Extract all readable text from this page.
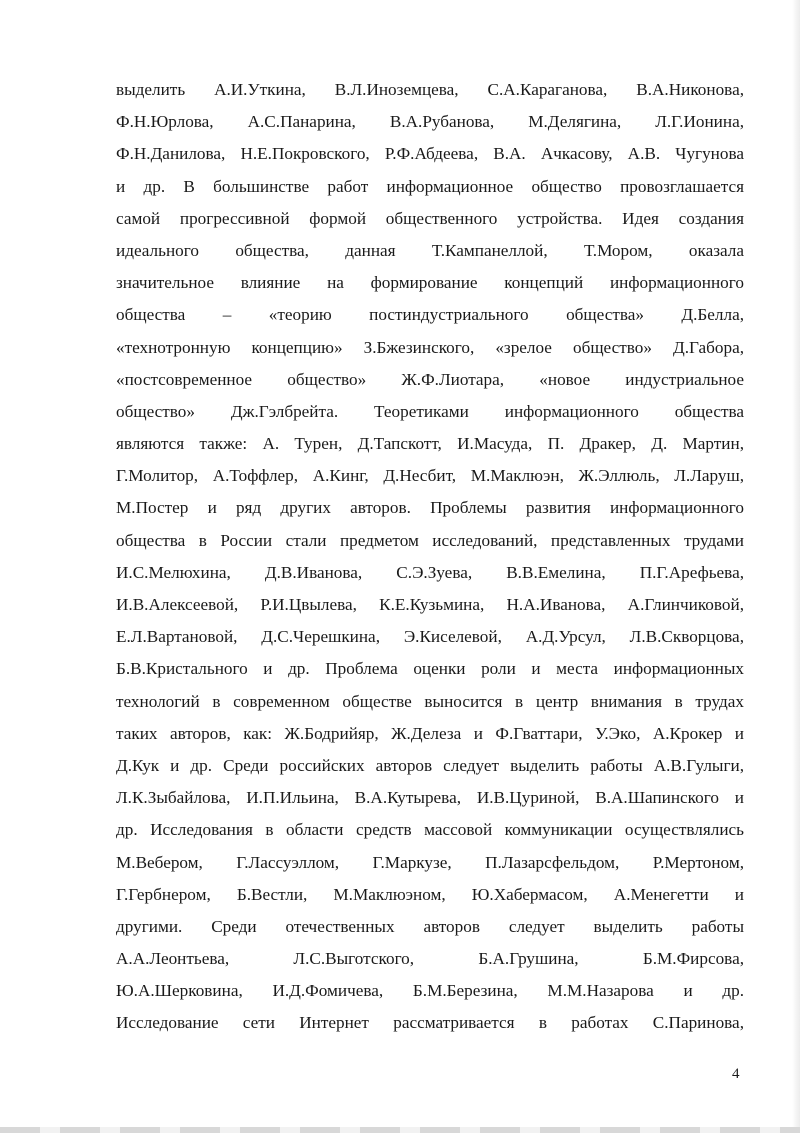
выделить А.И.Уткина, В.Л.Иноземцева, С.А.Караганова, В.А.Никонова,
Ф.Н.Юрлова, А.С.Панарина, В.А.Рубанова, М.Делягина, Л.Г.Ионина,
Ф.Н.Данилова, Н.Е.Покровского, Р.Ф.Абдеева, В.А. Ачкасову, А.В. Чугунова
и др. В большинстве работ информационное общество провозглашается
самой прогрессивной формой общественного устройства. Идея создания
идеального общества, данная Т.Кампанеллой, Т.Мором, оказала
значительное влияние на формирование концепций информационного
общества – «теорию постиндустриального общества» Д.Белла,
«технотронную концепцию» З.Бжезинского, «зрелое общество» Д.Габора,
«постсовременное общество» Ж.Ф.Лиотара, «новое индустриальное
общество» Дж.Гэлбрейта. Теоретиками информационного общества
являются также: А. Турен, Д.Тапскотт, И.Масуда, П. Дракер, Д. Мартин,
Г.Молитор, А.Тоффлер, А.Кинг, Д.Несбит, М.Маклюэн, Ж.Эллюль, Л.Ларуш,
М.Постер и ряд других авторов. Проблемы развития информационного
общества в России стали предметом исследований, представленных трудами
И.С.Мелюхина, Д.В.Иванова, С.Э.Зуева, В.В.Емелина, П.Г.Арефьева,
И.В.Алексеевой, Р.И.Цвылева, К.Е.Кузьмина, Н.А.Иванова, А.Глинчиковой,
Е.Л.Вартановой, Д.С.Черешкина, Э.Киселевой, А.Д.Урсул, Л.В.Скворцова,
Б.В.Кристального и др. Проблема оценки роли и места информационных
технологий в современном обществе выносится в центр внимания в трудах
таких авторов, как: Ж.Бодрийяр, Ж.Делеза и Ф.Гваттари, У.Эко, А.Крокер и
Д.Кук и др. Среди российских авторов следует выделить работы А.В.Гулыги,
Л.К.Зыбайлова, И.П.Ильина, В.А.Кутырева, И.В.Цуриной, В.А.Шапинского и
др. Исследования в области средств массовой коммуникации осуществлялись
М.Вебером, Г.Лассуэллом, Г.Маркузе, П.Лазарсфельдом, Р.Мертоном,
Г.Гербнером, Б.Вестли, М.Маклюэном, Ю.Хабермасом, А.Менегетти и
другими. Среди отечественных авторов следует выделить работы
А.А.Леонтьева, Л.С.Выготского, Б.А.Грушина, Б.М.Фирсова,
Ю.А.Шерковина, И.Д.Фомичева, Б.М.Березина, М.М.Назарова и др.
Исследование сети Интернет рассматривается в работах С.Паринова,
4
